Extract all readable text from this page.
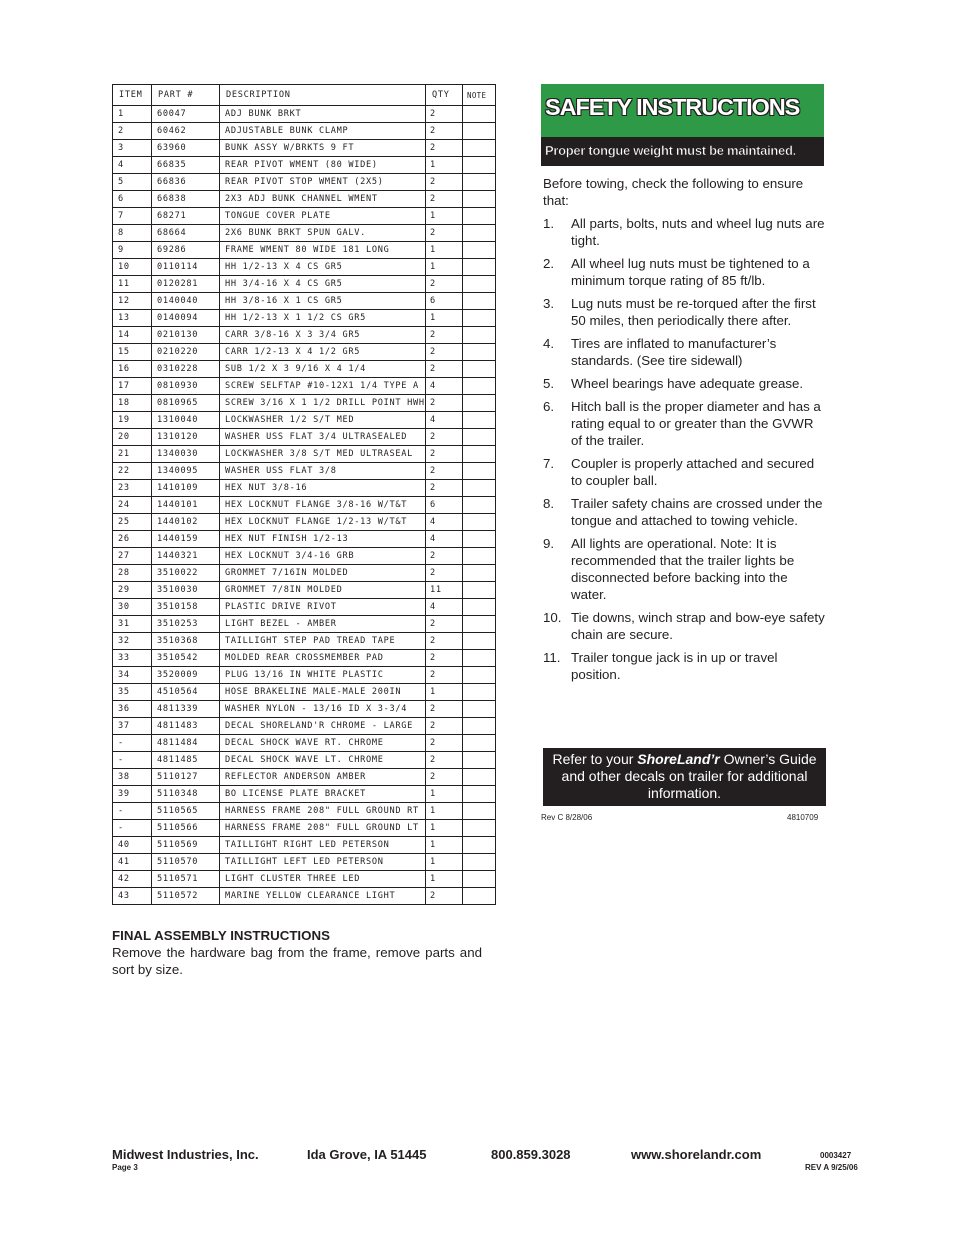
ITEM	PART #	DESCRIPTION	QTY	NOTE
1	60047	ADJ BUNK BRKT	2	
2	60462	ADJUSTABLE BUNK CLAMP	2	
3	63960	BUNK ASSY W/BRKTS 9 FT	2	
4	66835	REAR PIVOT WMENT (80 WIDE)	1	
5	66836	REAR PIVOT STOP WMENT (2X5)	2	
6	66838	2X3 ADJ BUNK CHANNEL WMENT	2	
7	68271	TONGUE COVER PLATE	1	
8	68664	2X6 BUNK BRKT SPUN GALV.	2	
9	69286	FRAME WMENT 80 WIDE 181 LONG	1	
10	0110114	HH 1/2-13 X 4 CS GR5	1	
11	0120281	HH 3/4-16 X 4 CS GR5	2	
12	0140040	HH 3/8-16 X 1 CS GR5	6	
13	0140094	HH 1/2-13 X 1 1/2 CS GR5	1	
14	0210130	CARR 3/8-16 X 3 3/4 GR5	2	
15	0210220	CARR 1/2-13 X 4 1/2 GR5	2	
16	0310228	SUB 1/2 X 3 9/16 X 4 1/4	2	
17	0810930	SCREW SELFTAP #10-12X1 1/4 TYPE A	4	
18	0810965	SCREW 3/16 X 1 1/2 DRILL POINT HWH	2	
19	1310040	LOCKWASHER 1/2 S/T MED	4	
20	1310120	WASHER USS FLAT 3/4 ULTRASEALED	2	
21	1340030	LOCKWASHER 3/8 S/T MED ULTRASEAL	2	
22	1340095	WASHER USS FLAT 3/8	2	
23	1410109	HEX NUT 3/8-16	2	
24	1440101	HEX LOCKNUT FLANGE 3/8-16 W/T&T	6	
25	1440102	HEX LOCKNUT FLANGE 1/2-13 W/T&T	4	
26	1440159	HEX NUT FINISH 1/2-13	4	
27	1440321	HEX LOCKNUT 3/4-16 GRB	2	
28	3510022	GROMMET 7/16IN MOLDED	2	
29	3510030	GROMMET 7/8IN MOLDED	11	
30	3510158	PLASTIC DRIVE RIVOT	4	
31	3510253	LIGHT BEZEL - AMBER	2	
32	3510368	TAILLIGHT STEP PAD TREAD TAPE	2	
33	3510542	MOLDED REAR CROSSMEMBER PAD	2	
34	3520009	PLUG 13/16 IN WHITE PLASTIC	2	
35	4510564	HOSE BRAKELINE MALE-MALE 200IN	1	
36	4811339	WASHER NYLON - 13/16 ID X 3-3/4	2	
37	4811483	DECAL SHORELAND'R CHROME - LARGE	2	
-	4811484	DECAL SHOCK WAVE RT. CHROME	2	
-	4811485	DECAL SHOCK WAVE LT. CHROME	2	
38	5110127	REFLECTOR ANDERSON AMBER	2	
39	5110348	BO LICENSE PLATE BRACKET	1	
-	5110565	HARNESS FRAME 208" FULL GROUND RT	1	
-	5110566	HARNESS FRAME 208" FULL GROUND LT	1	
40	5110569	TAILLIGHT RIGHT LED PETERSON	1	
41	5110570	TAILLIGHT LEFT LED PETERSON	1	
42	5110571	LIGHT CLUSTER THREE LED	1	
43	5110572	MARINE YELLOW CLEARANCE LIGHT	2	
FINAL ASSEMBLY INSTRUCTIONS
Remove the hardware bag from the frame, remove parts and sort by size.
SAFETY INSTRUCTIONS
Proper tongue weight must be maintained.
Before towing, check the following to ensure that:
1. All parts, bolts, nuts and wheel lug nuts are tight.
2. All wheel lug nuts must be tightened to a minimum torque rating of 85 ft/lb.
3. Lug nuts must be re-torqued after the first 50 miles, then periodically there after.
4. Tires are inflated to manufacturer’s standards. (See tire sidewall)
5. Wheel bearings have adequate grease.
6. Hitch ball is the proper diameter and has a rating equal to or greater than the GVWR of the trailer.
7. Coupler is properly attached and secured to coupler ball.
8. Trailer safety chains are crossed under the tongue and attached to towing vehicle.
9. All lights are operational. Note: It is recommended that the trailer lights be disconnected before backing into the water.
10. Tie downs, winch strap and bow-eye safety chain are secure.
11. Trailer tongue jack is in up or travel position.
Refer to your ShoreLand’r Owner’s Guide and other decals on trailer for additional information.
Rev C 8/28/06	4810709
Midwest Industries, Inc.	Ida Grove, IA 51445	800.859.3028	www.shorelandr.com
Page 3
0003427
REV A 9/25/06
